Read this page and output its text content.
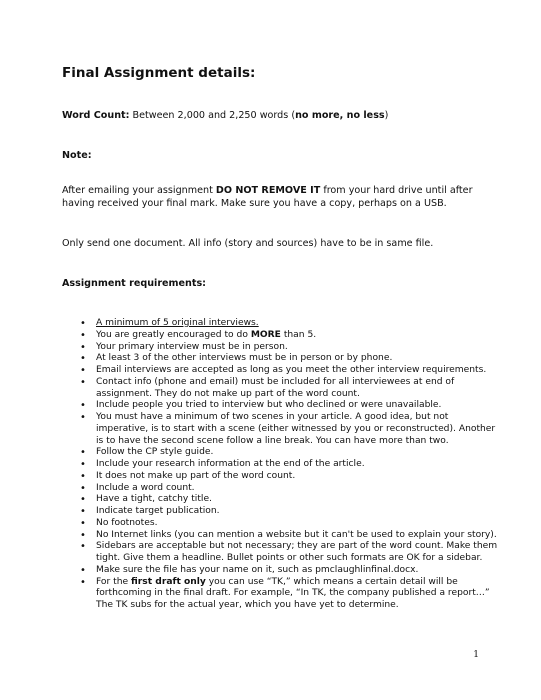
Final Assignment details:

Word Count: Between 2,000 and 2,250 words (no more, no less)

Note:

After emailing your assignment DO NOT REMOVE IT from your hard drive until after having received your final mark. Make sure you have a copy, perhaps on a USB.

Only send one document. All info (story and sources) have to be in same file.

Assignment requirements:

• A minimum of 5 original interviews.
• You are greatly encouraged to do MORE than 5.
• Your primary interview must be in person.
• At least 3 of the other interviews must be in person or by phone.
• Email interviews are accepted as long as you meet the other interview requirements.
• Contact info (phone and email) must be included for all interviewees at end of assignment. They do not make up part of the word count.
• Include people you tried to interview but who declined or were unavailable.
• You must have a minimum of two scenes in your article. A good idea, but not imperative, is to start with a scene (either witnessed by you or reconstructed). Another is to have the second scene follow a line break. You can have more than two.
• Follow the CP style guide.
• Include your research information at the end of the article.
• It does not make up part of the word count.
• Include a word count.
• Have a tight, catchy title.
• Indicate target publication.
• No footnotes.
• No Internet links (you can mention a website but it can't be used to explain your story).
• Sidebars are acceptable but not necessary; they are part of the word count. Make them tight. Give them a headline. Bullet points or other such formats are OK for a sidebar.
• Make sure the file has your name on it, such as pmclaughlinfinal.docx.
• For the first draft only you can use “TK,” which means a certain detail will be forthcoming in the final draft. For example, “In TK, the company published a report…” The TK subs for the actual year, which you have yet to determine.
1
